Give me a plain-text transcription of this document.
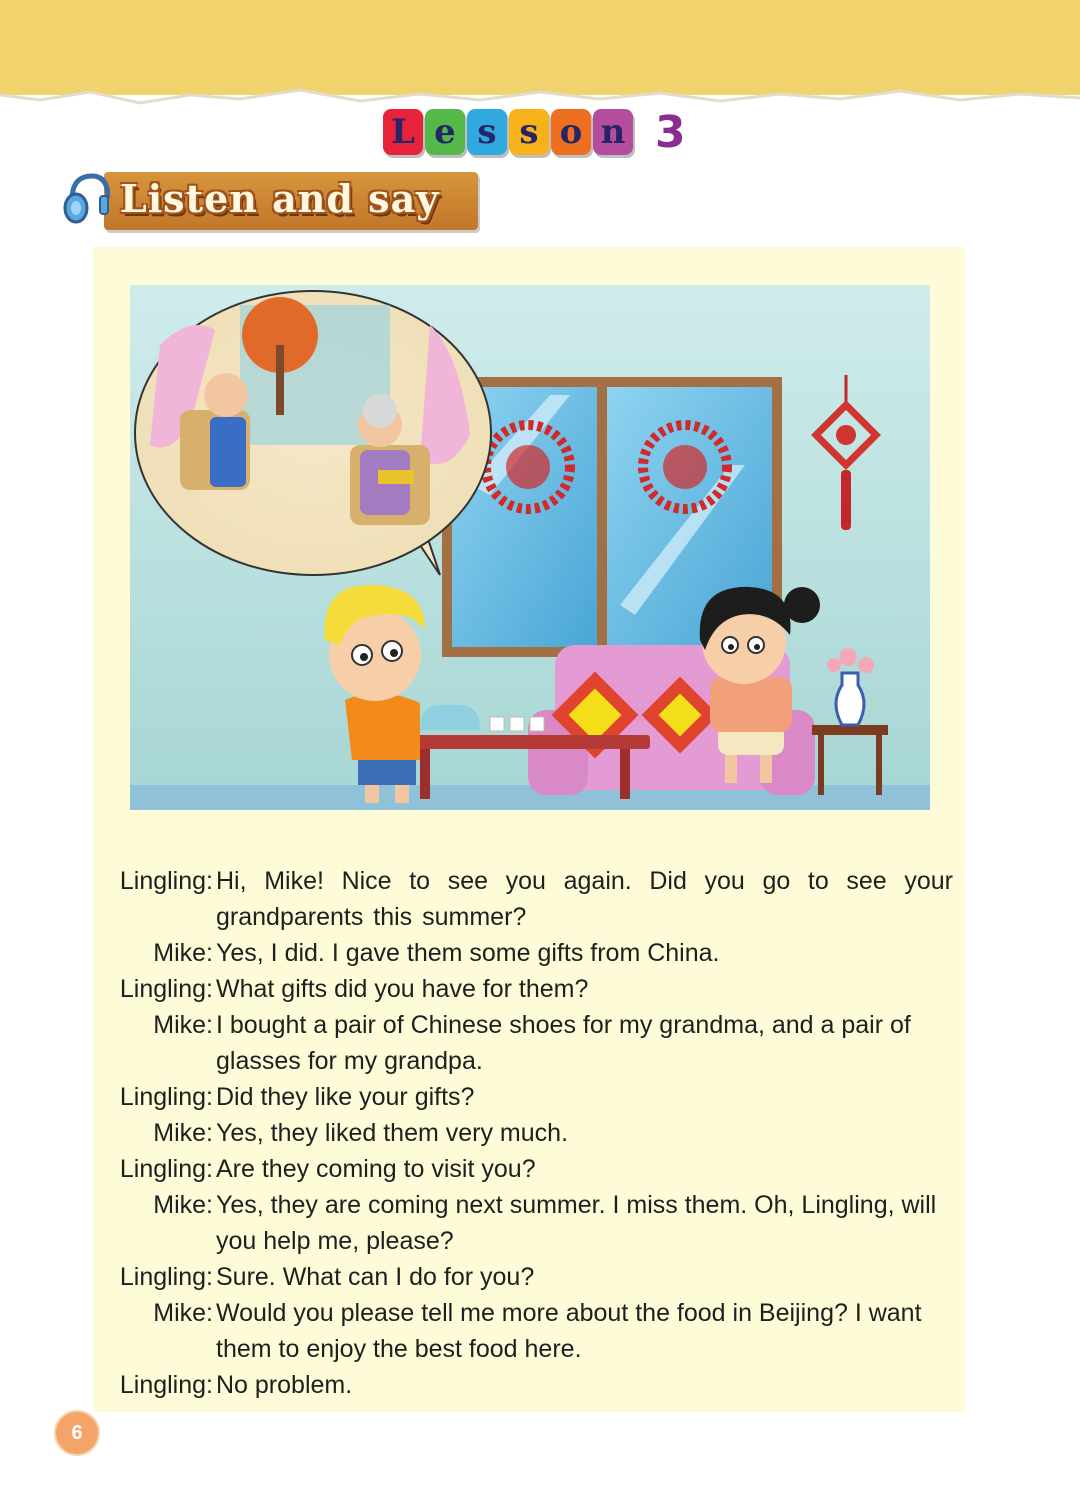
L e s s o n 3
Listen and say
Lingling: Hi, Mike! Nice to see you again. Did you go to see your grandparents this summer?
Mike: Yes, I did. I gave them some gifts from China.
Lingling: What gifts did you have for them?
Mike: I bought a pair of Chinese shoes for my grandma, and a pair of glasses for my grandpa.
Lingling: Did they like your gifts?
Mike: Yes, they liked them very much.
Lingling: Are they coming to visit you?
Mike: Yes, they are coming next summer. I miss them. Oh, Lingling, will you help me, please?
Lingling: Sure. What can I do for you?
Mike: Would you please tell me more about the food in Beijing? I want them to enjoy the best food here.
Lingling: No problem.
6
